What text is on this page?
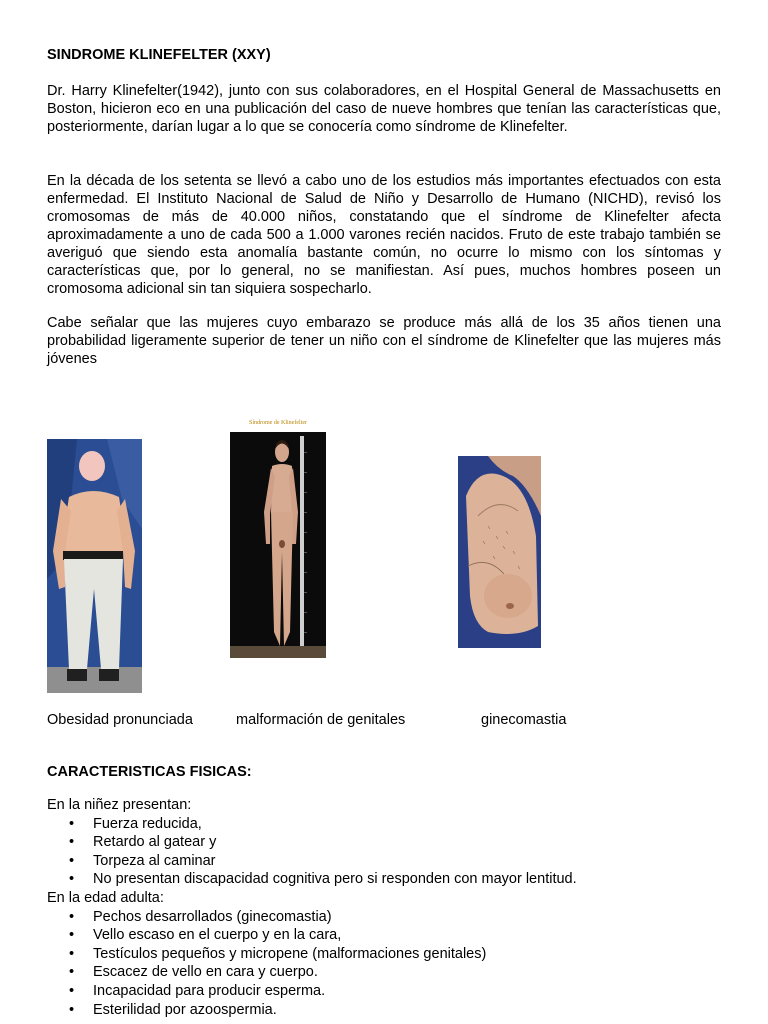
SINDROME KLINEFELTER (XXY)

Dr. Harry Klinefelter(1942), junto con sus colaboradores, en el Hospital General de Massachusetts en Boston, hicieron eco en una publicación del caso de nueve hombres que tenían las características que, posteriormente, darían lugar a lo que se conocería como síndrome de Klinefelter.

En la década de los setenta se llevó a cabo uno de los estudios más importantes efectuados con esta enfermedad. El Instituto Nacional de Salud de Niño y Desarrollo de Humano (NICHD), revisó los cromosomas de más de 40.000 niños, constatando que el síndrome de Klinefelter afecta aproximadamente a uno de cada 500 a 1.000 varones recién nacidos. Fruto de este trabajo también se averiguó que siendo esta anomalía bastante común, no ocurre lo mismo con los síntomas y características que, por lo general, no se manifiestan. Así pues, muchos hombres poseen un cromosoma adicional sin tan siquiera sospecharlo.

Cabe señalar que las mujeres cuyo embarazo se produce más allá de los 35 años tienen una probabilidad ligeramente superior de tener un niño con el síndrome de Klinefelter que las mujeres más jóvenes

Síndrome de Klinefelter
Obesidad pronunciada	malformación de genitales	ginecomastia
CARACTERISTICAS FISICAS:

En la niñez presentan:

• Fuerza reducida,
• Retardo al gatear y
• Torpeza al caminar
• No presentan discapacidad cognitiva pero si responden con mayor lentitud.

En la edad adulta:

• Pechos desarrollados (ginecomastia)
• Vello escaso en el cuerpo y en la cara,
• Testículos pequeños y micropene (malformaciones genitales)
• Escacez de vello en cara y cuerpo.
• Incapacidad para producir esperma.
• Esterilidad por azoospermia.
